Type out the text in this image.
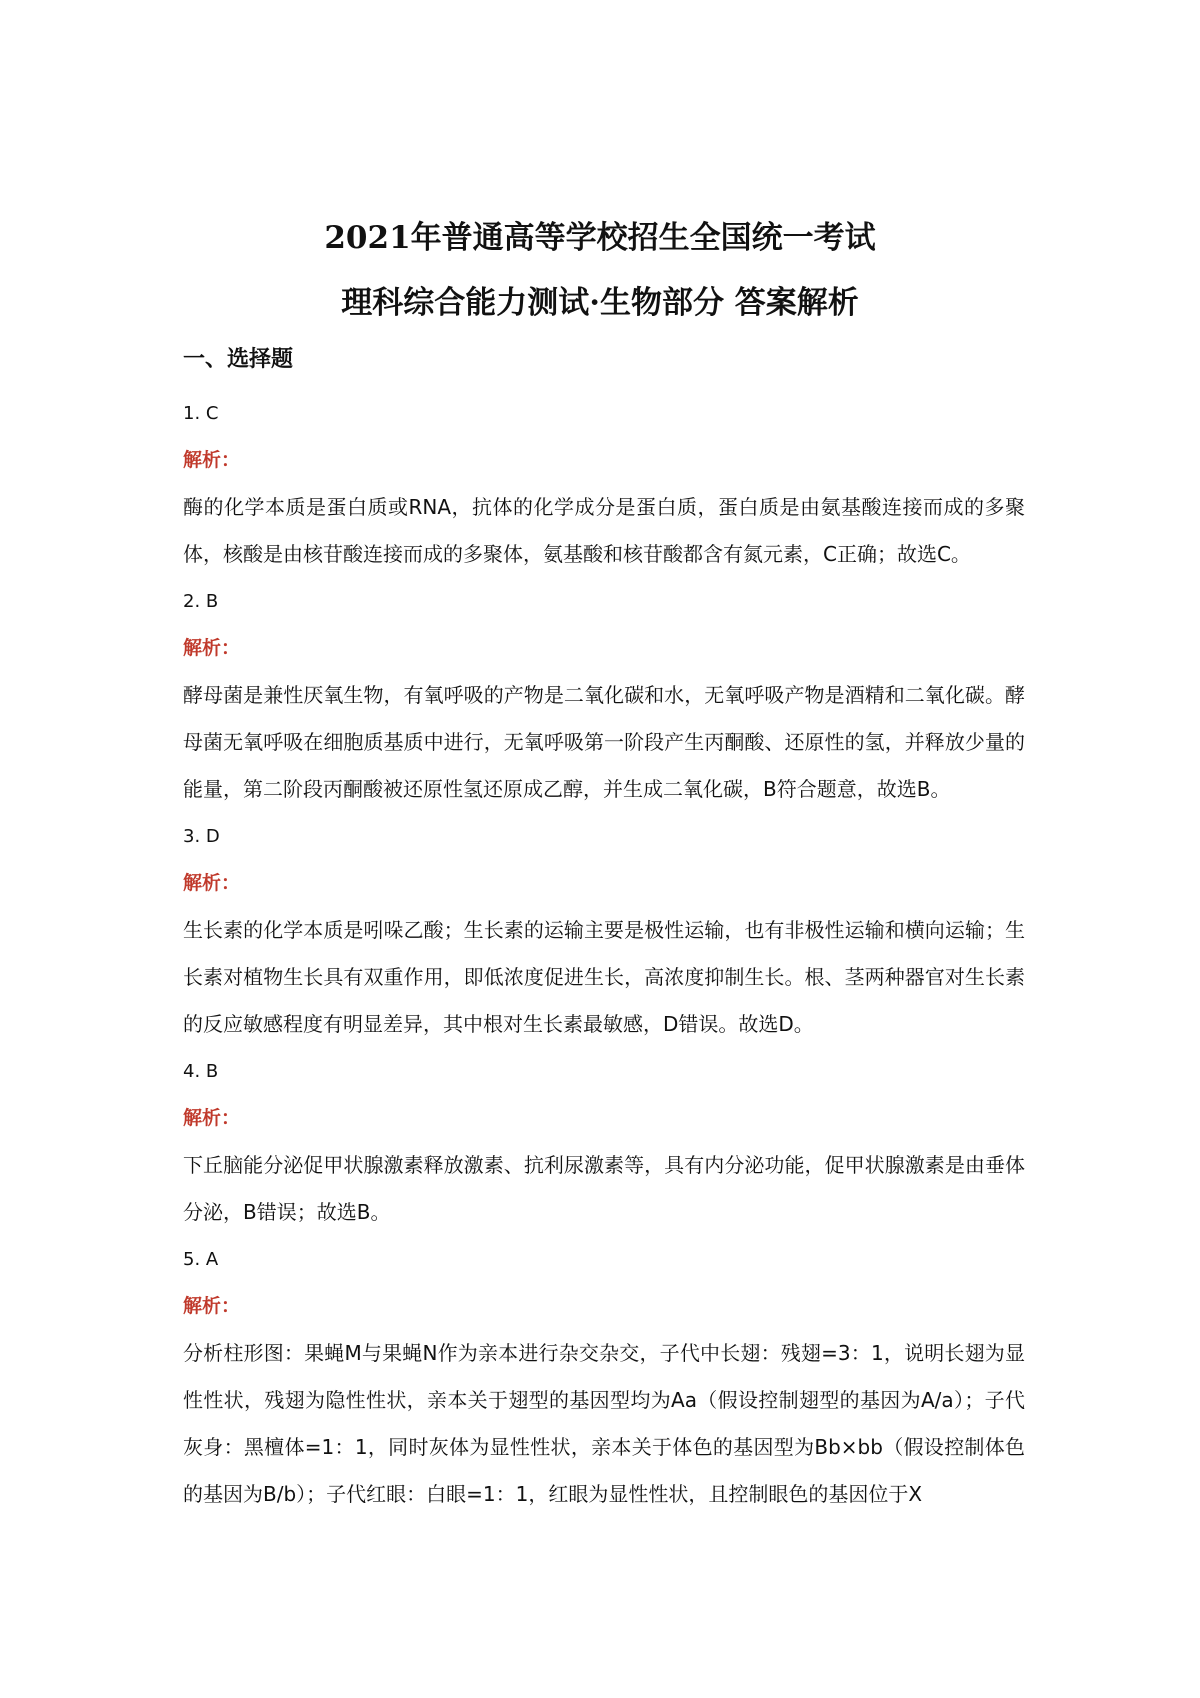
2021年普通高等学校招生全国统一考试
理科综合能力测试·生物部分 答案解析

一、选择题

1. C

解析：

酶的化学本质是蛋白质或RNA，抗体的化学成分是蛋白质，蛋白质是由氨基酸连接而成的多聚体，核酸是由核苷酸连接而成的多聚体，氨基酸和核苷酸都含有氮元素，C正确；故选C。

2. B

解析：

酵母菌是兼性厌氧生物，有氧呼吸的产物是二氧化碳和水，无氧呼吸产物是酒精和二氧化碳。酵母菌无氧呼吸在细胞质基质中进行，无氧呼吸第一阶段产生丙酮酸、还原性的氢，并释放少量的能量，第二阶段丙酮酸被还原性氢还原成乙醇，并生成二氧化碳，B符合题意，故选B。

3. D

解析：

生长素的化学本质是吲哚乙酸；生长素的运输主要是极性运输，也有非极性运输和横向运输；生长素对植物生长具有双重作用，即低浓度促进生长，高浓度抑制生长。根、茎两种器官对生长素的反应敏感程度有明显差异，其中根对生长素最敏感，D错误。故选D。

4. B

解析：

下丘脑能分泌促甲状腺激素释放激素、抗利尿激素等，具有内分泌功能，促甲状腺激素是由垂体分泌，B错误；故选B。

5. A

解析：

分析柱形图：果蝇M与果蝇N作为亲本进行杂交杂交，子代中长翅：残翅=3：1，说明长翅为显性性状，残翅为隐性性状，亲本关于翅型的基因型均为Aa（假设控制翅型的基因为A/a）；子代灰身：黑檀体=1：1，同时灰体为显性性状，亲本关于体色的基因型为Bb×bb（假设控制体色的基因为B/b）；子代红眼：白眼=1：1，红眼为显性性状，且控制眼色的基因位于X
